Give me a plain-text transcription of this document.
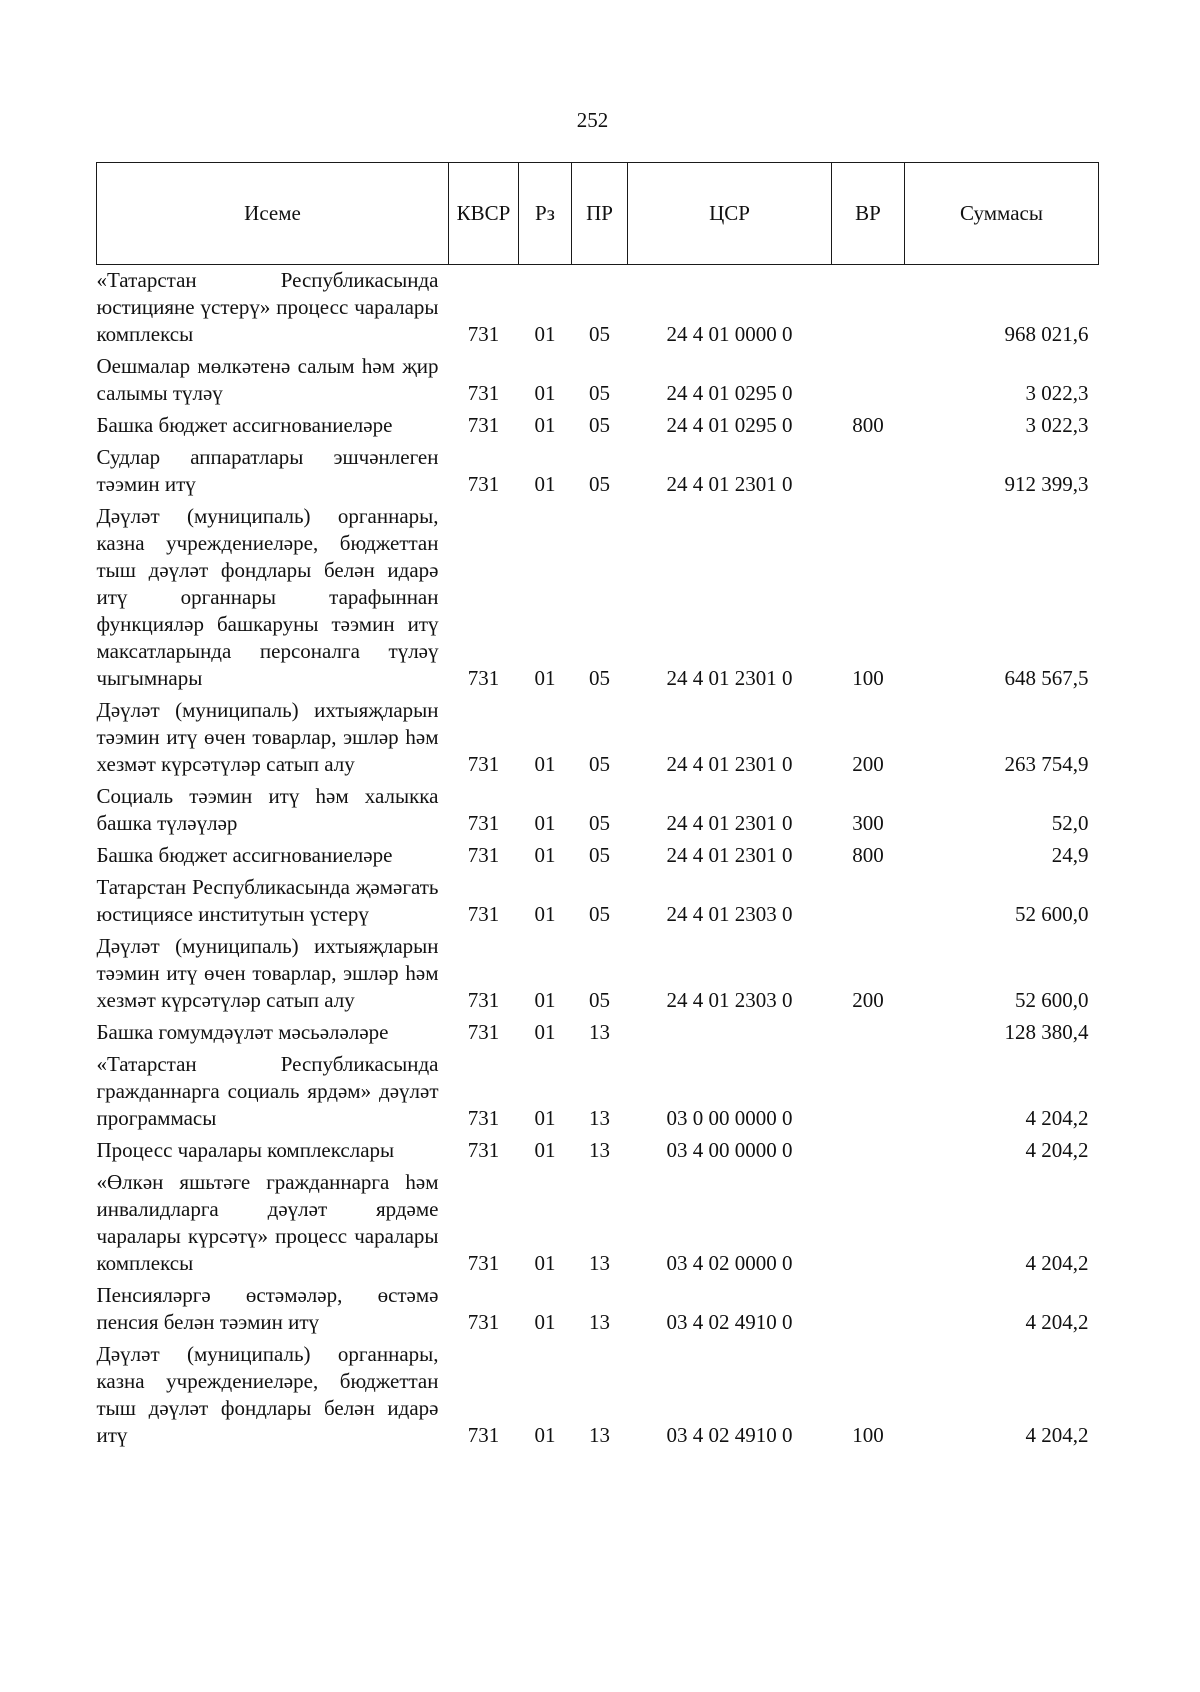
252
Исеме	КВСР	Рз	ПР	ЦСР	ВР	Суммасы
«Татарстан Республикасында юстицияне үстерү» процесс чаралары комплексы	731	01	05	24 4 01 0000 0		968 021,6
Оешмалар мөлкәтенә салым һәм җир салымы түләү	731	01	05	24 4 01 0295 0		3 022,3
Башка бюджет ассигнованиеләре	731	01	05	24 4 01 0295 0	800	3 022,3
Судлар аппаратлары эшчәнлеген тәэмин итү	731	01	05	24 4 01 2301 0		912 399,3
Дәүләт (муниципаль) органнары, казна учреждениеләре, бюджеттан тыш дәүләт фондлары белән идарә итү органнары тарафыннан функцияләр башкаруны тәэмин итү максатларында персоналга түләү чыгымнары	731	01	05	24 4 01 2301 0	100	648 567,5
Дәүләт (муниципаль) ихтыяҗларын тәэмин итү өчен товарлар, эшләр һәм хезмәт күрсәтүләр сатып алу	731	01	05	24 4 01 2301 0	200	263 754,9
Социаль тәэмин итү һәм халыкка башка түләүләр	731	01	05	24 4 01 2301 0	300	52,0
Башка бюджет ассигнованиеләре	731	01	05	24 4 01 2301 0	800	24,9
Татарстан Республикасында җәмәгать юстициясе институтын үстерү	731	01	05	24 4 01 2303 0		52 600,0
Дәүләт (муниципаль) ихтыяҗларын тәэмин итү өчен товарлар, эшләр һәм хезмәт күрсәтүләр сатып алу	731	01	05	24 4 01 2303 0	200	52 600,0
Башка гомумдәүләт мәсьәләләре	731	01	13			128 380,4
«Татарстан Республикасында гражданнарга социаль ярдәм» дәүләт программасы	731	01	13	03 0 00 0000 0		4 204,2
Процесс чаралары комплекслары	731	01	13	03 4 00 0000 0		4 204,2
«Өлкән яшьтәге гражданнарга һәм инвалидларга дәүләт ярдәме чаралары күрсәтү» процесс чаралары комплексы	731	01	13	03 4 02 0000 0		4 204,2
Пенсияләргә өстәмәләр, өстәмә пенсия белән тәэмин итү	731	01	13	03 4 02 4910 0		4 204,2
Дәүләт (муниципаль) органнары, казна учреждениеләре, бюджеттан тыш дәүләт фондлары белән идарә итү	731	01	13	03 4 02 4910 0	100	4 204,2
